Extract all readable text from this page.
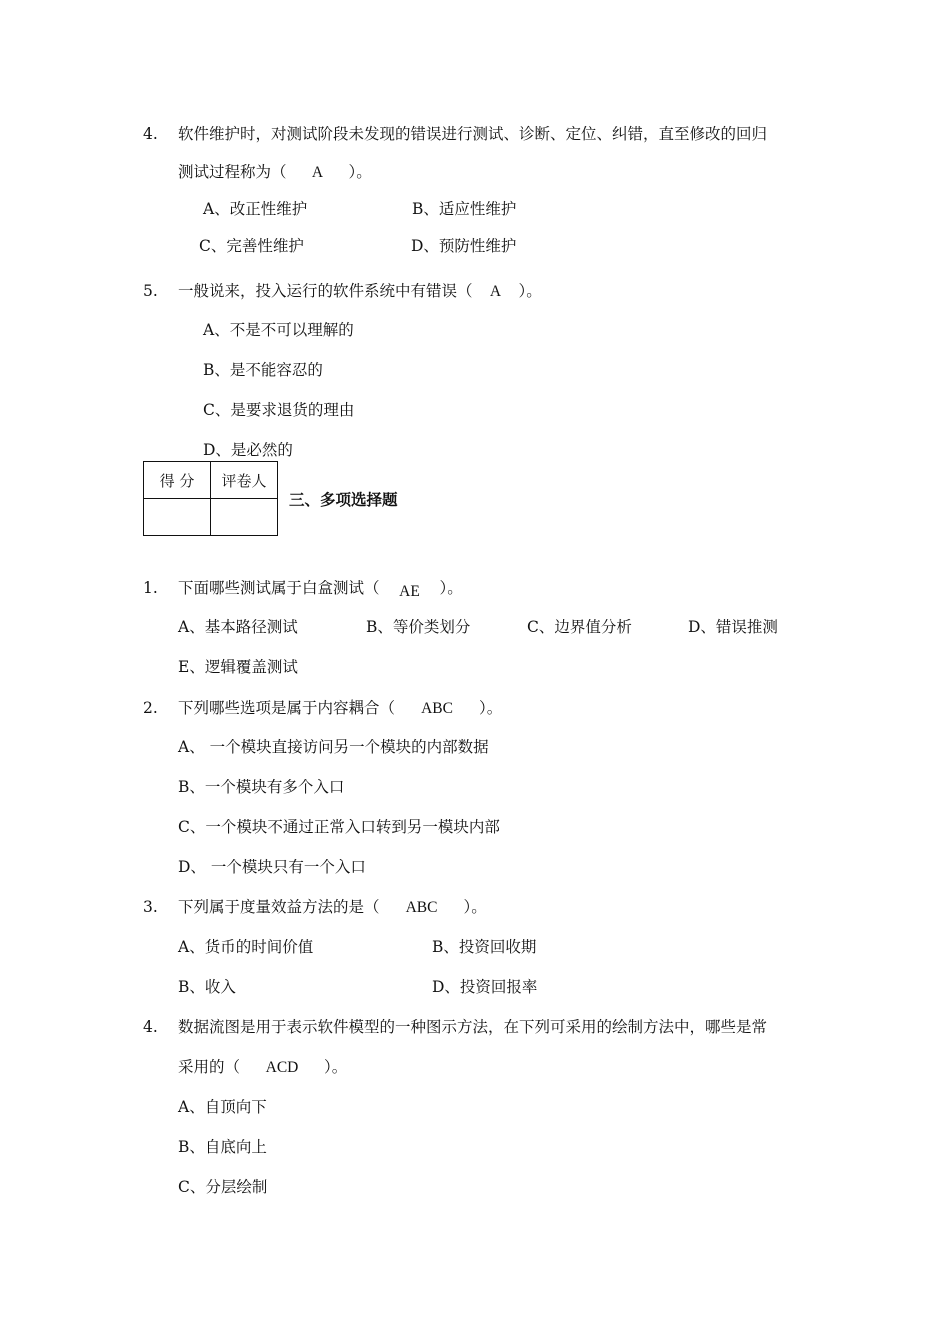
4. 软件维护时，对测试阶段未发现的错误进行测试、诊断、定位、纠错，直至修改的回归
测试过程称为（ A ）。
A、改正性维护	B、适应性维护
C、完善性维护	D、预防性维护
5. 一般说来，投入运行的软件系统中有错误（ A ）。
A、不是不可以理解的
B、是不能容忍的
C、是要求退货的理由
D、是必然的
得 分	评卷人

三、多项选择题
1. 下面哪些测试属于白盒测试（ AE ）。
A、基本路径测试	B、等价类划分	C、边界值分析	D、错误推测
E、逻辑覆盖测试
2. 下列哪些选项是属于内容耦合（ ABC ）。
A、 一个模块直接访问另一个模块的内部数据
B、一个模块有多个入口
C、一个模块不通过正常入口转到另一模块内部
D、 一个模块只有一个入口
3. 下列属于度量效益方法的是（ ABC ）。
A、货币的时间价值	B、投资回收期
B、收入	D、投资回报率
4. 数据流图是用于表示软件模型的一种图示方法，在下列可采用的绘制方法中，哪些是常
采用的（ ACD ）。
A、自顶向下
B、自底向上
C、分层绘制
